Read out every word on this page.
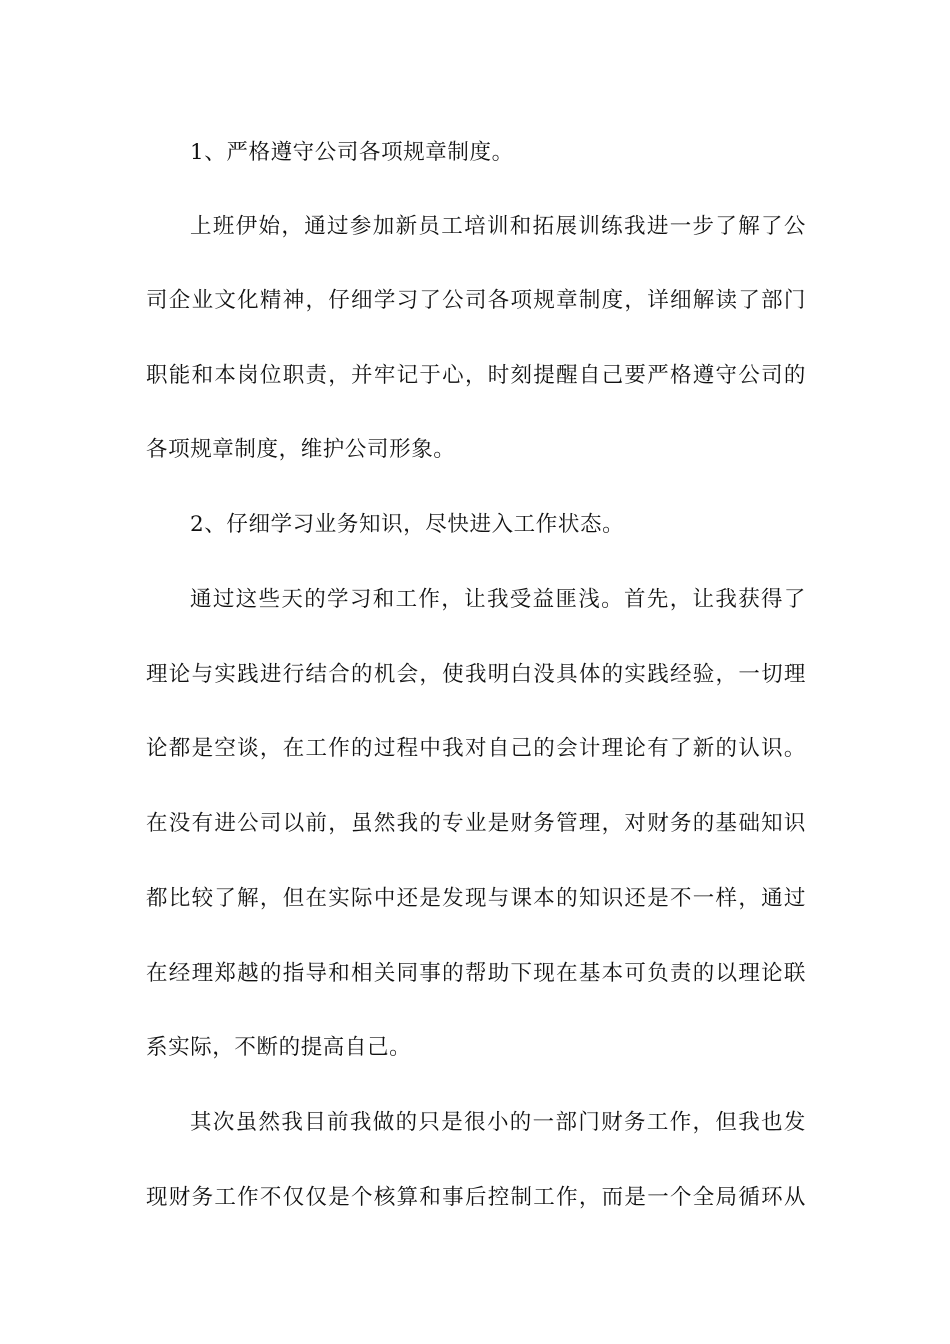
1、严格遵守公司各项规章制度。
上班伊始，通过参加新员工培训和拓展训练我进一步了解了公
司企业文化精神，仔细学习了公司各项规章制度，详细解读了部门
职能和本岗位职责，并牢记于心，时刻提醒自己要严格遵守公司的
各项规章制度，维护公司形象。
2、仔细学习业务知识，尽快进入工作状态。
通过这些天的学习和工作，让我受益匪浅。首先，让我获得了
理论与实践进行结合的机会，使我明白没具体的实践经验，一切理
论都是空谈，在工作的过程中我对自己的会计理论有了新的认识。
在没有进公司以前，虽然我的专业是财务管理，对财务的基础知识
都比较了解，但在实际中还是发现与课本的知识还是不一样，通过
在经理郑越的指导和相关同事的帮助下现在基本可负责的以理论联
系实际，不断的提高自己。
其次虽然我目前我做的只是很小的一部门财务工作，但我也发
现财务工作不仅仅是个核算和事后控制工作，而是一个全局循环从
